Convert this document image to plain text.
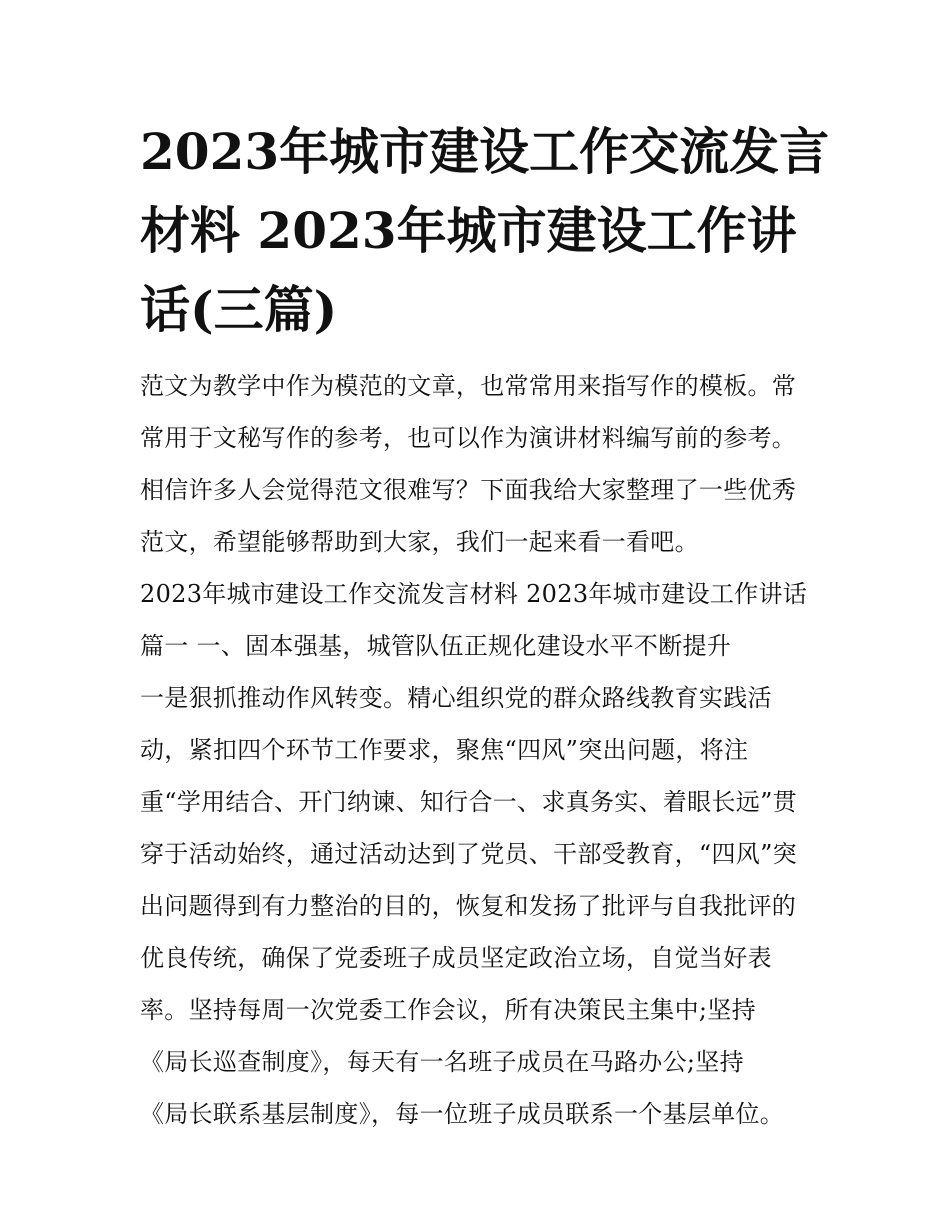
2023年城市建设工作交流发言
材料 2023年城市建设工作讲
话(三篇)
范文为教学中作为模范的文章，也常常用来指写作的模板。常
常用于文秘写作的参考，也可以作为演讲材料编写前的参考。
相信许多人会觉得范文很难写？下面我给大家整理了一些优秀
范文，希望能够帮助到大家，我们一起来看一看吧。
2023年城市建设工作交流发言材料 2023年城市建设工作讲话
篇一 一、固本强基，城管队伍正规化建设水平不断提升
一是狠抓推动作风转变。精心组织党的群众路线教育实践活
动，紧扣四个环节工作要求，聚焦“四风”突出问题，将注
重“学用结合、开门纳谏、知行合一、求真务实、着眼长远”贯
穿于活动始终，通过活动达到了党员、干部受教育，“四风”突
出问题得到有力整治的目的，恢复和发扬了批评与自我批评的
优良传统，确保了党委班子成员坚定政治立场，自觉当好表
率。坚持每周一次党委工作会议，所有决策民主集中;坚持
《局长巡查制度》，每天有一名班子成员在马路办公;坚持
《局长联系基层制度》，每一位班子成员联系一个基层单位。
